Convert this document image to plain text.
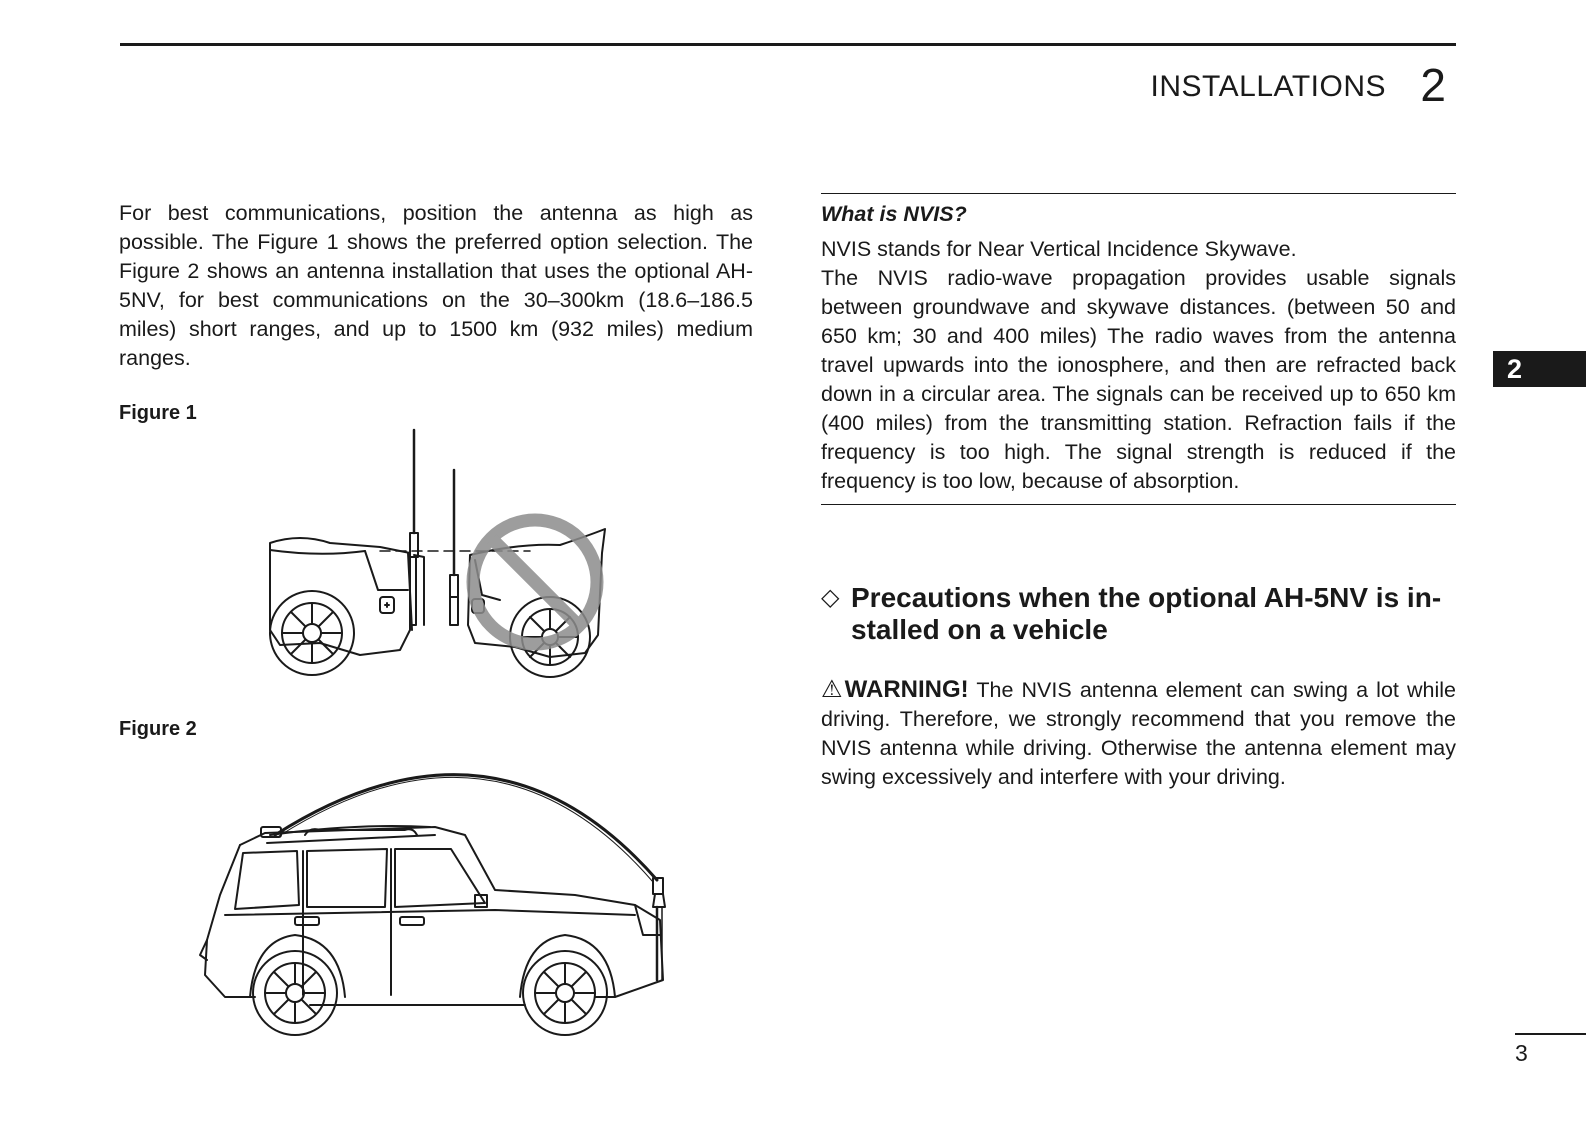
INSTALLATIONS 2
2

For best communications, position the antenna as high as possible. The Figure 1 shows the preferred option selection. The Figure 2 shows an antenna installation that uses the optional AH-5NV, for best communications on the 30–300km (18.6–186.5 miles) short ranges, and up to 1500 km (932 miles) medium ranges.

Figure 1
Figure 2

What is NVIS?

NVIS stands for Near Vertical Incidence Skywave.

The NVIS radio-wave propagation provides usable signals between groundwave and skywave distances. (between 50 and 650 km; 30 and 400 miles) The radio waves from the antenna travel upwards into the ionosphere, and then are refracted back down in a circular area. The signals can be received up to 650 km (400 miles) from the transmitting station. Refraction fails if the frequency is too high. The signal strength is reduced if the frequency is too low, because of absorption.

◇ Precautions when the optional AH-5NV is installed on a vehicle

⚠WARNING! The NVIS antenna element can swing a lot while driving. Therefore, we strongly recommend that you remove the NVIS antenna while driving. Otherwise the antenna element may swing excessively and interfere with your driving.

3
